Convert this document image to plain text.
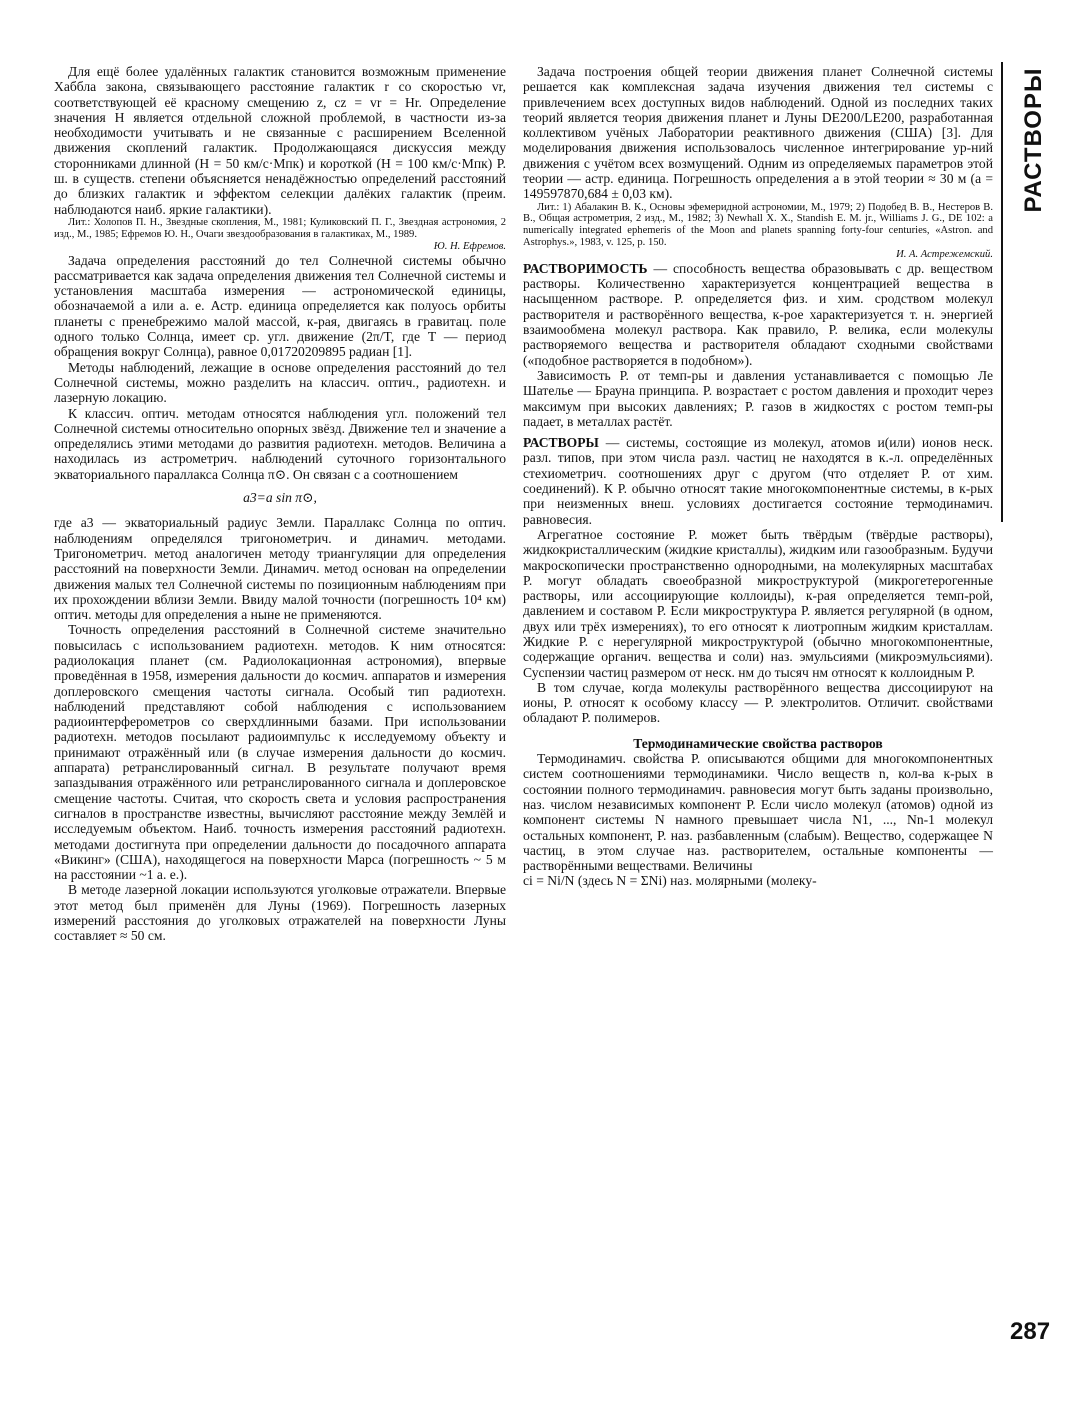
РАСТВОРЫ

Для ещё более удалённых галактик становится возможным применение Хаббла закона, связывающего расстояние галактик r со скоростью vr, соответствующей её красному смещению z, cz = vr = Hr. Определение значения H является отдельной сложной проблемой, в частности из-за необходимости учитывать и не связанные с расширением Вселенной движения скоплений галактик. Продолжающаяся дискуссия между сторонниками длинной (H = 50 км/с·Мпк) и короткой (H = 100 км/с·Мпк) Р. ш. в существ. степени объясняется ненадёжностью определений расстояний до близких галактик и эффектом селекции далёких галактик (преим. наблюдаются наиб. яркие галактики).

Лит.: Холопов П. Н., Звездные скопления, М., 1981; Куликовский П. Г., Звездная астрономия, 2 изд., М., 1985; Ефремов Ю. Н., Очаги звездообразования в галактиках, М., 1989.

Ю. Н. Ефремов.

Задача определения расстояний до тел Солнечной системы обычно рассматривается как задача определения движения тел Солнечной системы и установления масштаба измерения — астрономической единицы, обозначаемой a или а. е. Астр. единица определяется как полуось орбиты планеты с пренебрежимо малой массой, к-рая, двигаясь в гравитац. поле одного только Солнца, имеет ср. угл. движение (2π/T, где T — период обращения вокруг Солнца), равное 0,01720209895 радиан [1].

Методы наблюдений, лежащие в основе определения расстояний до тел Солнечной системы, можно разделить на классич. оптич., радиотехн. и лазерную локацию.

К классич. оптич. методам относятся наблюдения угл. положений тел Солнечной системы относительно опорных звёзд. Движение тел и значение a определялись этими методами до развития радиотехн. методов. Величина a находилась из астрометрич. наблюдений суточного горизонтального экваториального параллакса Солнца π⊙. Он связан с a соотношением

a3=a sin π⊙,

где a3 — экваториальный радиус Земли. Параллакс Солнца по оптич. наблюдениям определялся тригонометрич. и динамич. методами. Тригонометрич. метод аналогичен методу триангуляции для определения расстояний на поверхности Земли. Динамич. метод основан на определении движения малых тел Солнечной системы по позиционным наблюдениям при их прохождении вблизи Земли. Ввиду малой точности (погрешность 10⁴ км) оптич. методы для определения a ныне не применяются.

Точность определения расстояний в Солнечной системе значительно повысилась с использованием радиотехн. методов. К ним относятся: радиолокация планет (см. Радиолокационная астрономия), впервые проведённая в 1958, измерения дальности до космич. аппаратов и измерения доплеровского смещения частоты сигнала. Особый тип радиотехн. наблюдений представляют собой наблюдения с использованием радиоинтерферометров со сверхдлинными базами. При использовании радиотехн. методов посылают радиоимпульс к исследуемому объекту и принимают отражённый или (в случае измерения дальности до космич. аппарата) ретранслированный сигнал. В результате получают время запаздывания отражённого или ретранслированного сигнала и доплеровское смещение частоты. Считая, что скорость света и условия распространения сигналов в пространстве известны, вычисляют расстояние между Землёй и исследуемым объектом. Наиб. точность измерения расстояний радиотехн. методами достигнута при определении дальности до посадочного аппарата «Викинг» (США), находящегося на поверхности Марса (погрешность ~ 5 м на расстоянии ~1 а. е.).

В методе лазерной локации используются уголковые отражатели. Впервые этот метод был применён для Луны (1969). Погрешность лазерных измерений расстояния до уголковых отражателей на поверхности Луны составляет ≈ 50 см.

Задача построения общей теории движения планет Солнечной системы решается как комплексная задача изучения движения тел системы с привлечением всех доступных видов наблюдений. Одной из последних таких теорий является теория движения планет и Луны DE200/LE200, разработанная коллективом учёных Лаборатории реактивного движения (США) [3]. Для моделирования движения использовалось численное интегрирование ур-ний движения с учётом всех возмущений. Одним из определяемых параметров этой теории — астр. единица. Погрешность определения a в этой теории ≈ 30 м (a = 149597870,684 ± 0,03 км).

Лит.: 1) Абалакин В. К., Основы эфемеридной астрономии, М., 1979; 2) Подобед В. В., Нестеров В. В., Общая астрометрия, 2 изд., М., 1982; 3) Newhall X. X., Standish E. M. jr., Williams J. G., DE 102: a numerically integrated ephemeris of the Moon and planets spanning forty-four centuries, «Astron. and Astrophys.», 1983, v. 125, p. 150.

И. А. Астрежемский.

РАСТВОРИМОСТЬ — способность вещества образовывать с др. веществом растворы. Количественно характеризуется концентрацией вещества в насыщенном растворе. Р. определяется физ. и хим. сродством молекул растворителя и растворённого вещества, к-рое характеризуется т. н. энергией взаимообмена молекул раствора. Как правило, Р. велика, если молекулы растворяемого вещества и растворителя обладают сходными свойствами («подобное растворяется в подобном»).

Зависимость Р. от темп-ры и давления устанавливается с помощью Ле Шателье — Брауна принципа. Р. возрастает с ростом давления и проходит через максимум при высоких давлениях; Р. газов в жидкостях с ростом темп-ры падает, в металлах растёт.

РАСТВОРЫ — системы, состоящие из молекул, атомов и(или) ионов неск. разл. типов, при этом числа разл. частиц не находятся в к.-л. определённых стехиометрич. соотношениях друг с другом (что отделяет Р. от хим. соединений). К Р. обычно относят такие многокомпонентные системы, в к-рых при неизменных внеш. условиях достигается состояние термодинамич. равновесия.

Агрегатное состояние Р. может быть твёрдым (твёрдые растворы), жидкокристаллическим (жидкие кристаллы), жидким или газообразным. Будучи макроскопически пространственно однородными, на молекулярных масштабах Р. могут обладать своеобразной микроструктурой (микрогетерогенные растворы, или ассоциирующие коллоиды), к-рая определяется темп-рой, давлением и составом Р. Если микроструктура Р. является регулярной (в одном, двух или трёх измерениях), то его относят к лиотропным жидким кристаллам. Жидкие Р. с нерегулярной микроструктурой (обычно многокомпонентные, содержащие органич. вещества и соли) наз. эмульсиями (микроэмульсиями). Суспензии частиц размером от неск. нм до тысяч нм относят к коллоидным Р.

В том случае, когда молекулы растворённого вещества диссоциируют на ионы, Р. относят к особому классу — Р. электролитов. Отличит. свойствами обладают Р. полимеров.

Термодинамические свойства растворов

Термодинамич. свойства Р. описываются общими для многокомпонентных систем соотношениями термодинамики. Число веществ n, кол-ва к-рых в состоянии полного термодинамич. равновесия могут быть заданы произвольно, наз. числом независимых компонент Р. Если число молекул (атомов) одной из компонент системы N намного превышает числа N1, ..., Nn-1 молекул остальных компонент, Р. наз. разбавленным (слабым). Вещество, содержащее N частиц, в этом случае наз. растворителем, остальные компоненты — растворёнными веществами. Величины

ci = Ni/N (здесь N = ΣNi) наз. молярными (молеку-

287
